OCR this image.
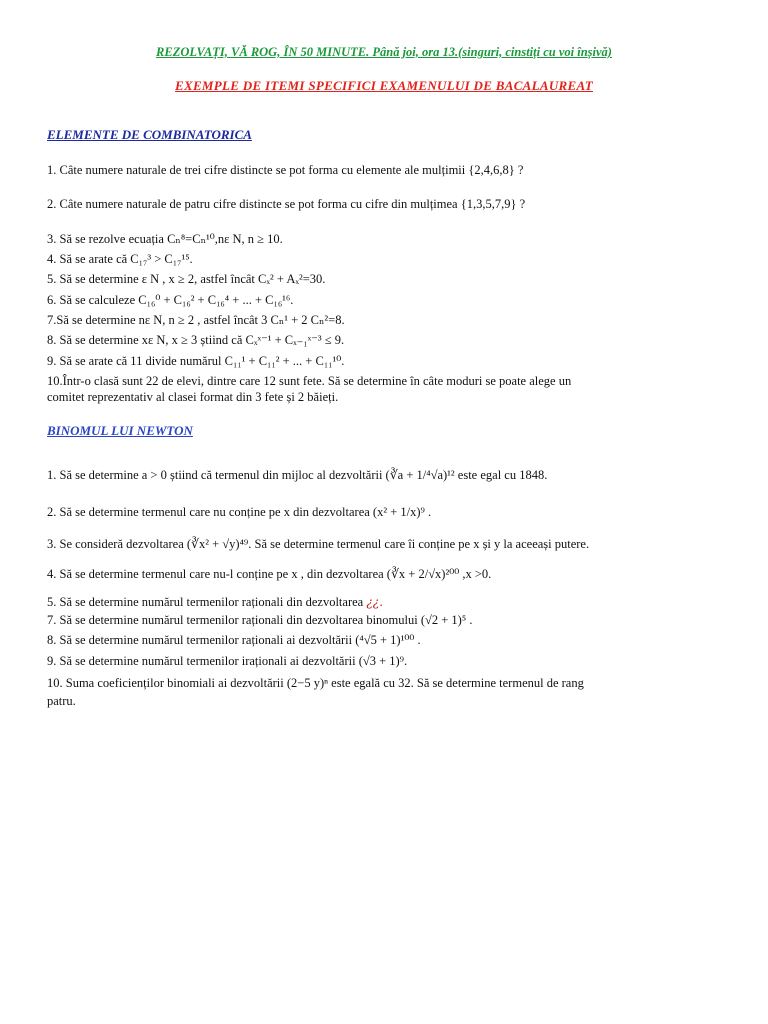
REZOLVAȚI, VĂ ROG, ÎN 50 MINUTE. Până joi, ora 13.(singuri, cinstiți cu voi înșivă)
EXEMPLE DE ITEMI SPECIFICI EXAMENULUI DE BACALAUREAT
ELEMENTE DE COMBINATORICA
1. Câte numere naturale de trei cifre distincte se pot forma cu elemente ale mulțimii {2,4,6,8} ?
2. Câte numere naturale de patru cifre distincte se pot forma cu cifre din mulțimea {1,3,5,7,9} ?
3. Să se rezolve ecuația Cₙ⁸=Cₙ¹⁰,nε N, n ≥ 10.
4. Să se arate că C₁₇³ > C₁₇¹⁵.
5. Să se determine ε N , x ≥ 2, astfel încât Cₓ² + Aₓ²=30.
6. Să se calculeze C₁₆⁰ + C₁₆² + C₁₆⁴ + ... + C₁₆¹⁶.
7.Să se determine nε N, n ≥ 2 , astfel încât 3 Cₙ¹ + 2 Cₙ²=8.
8. Să se determine xε N, x ≥ 3 știind că Cₓˣ⁻¹ + Cₓ₋₁ˣ⁻³ ≤ 9.
9. Să se arate că 11 divide numărul C₁₁¹ + C₁₁² + ... + C₁₁¹⁰.
10.Într-o clasă sunt 22 de elevi, dintre care 12 sunt fete. Să se determine în câte moduri se poate alege un
comitet reprezentativ al clasei format din 3 fete și 2 băieți.
BINOMUL LUI NEWTON
1. Să se determine a > 0 știind că termenul din mijloc al dezvoltării (∛a + 1/⁴√a)¹² este egal cu 1848.
2. Să se determine termenul care nu conține pe x din dezvoltarea (x² + 1/x)⁹ .
3. Se consideră dezvoltarea (∛x² + √y)⁴⁹. Să se determine termenul care îi conține pe x și y la aceeași putere.
4. Să se determine termenul care nu-l conține pe x , din dezvoltarea (∛x + 2/√x)²⁰⁰ ,x >0.
5. Să se determine numărul termenilor raționali din dezvoltarea ¿¿.
7. Să se determine numărul termenilor raționali din dezvoltarea binomului (√2 + 1)⁵ .
8. Să se determine numărul termenilor raționali ai dezvoltării (⁴√5 + 1)¹⁰⁰ .
9. Să se determine numărul termenilor iraționali ai dezvoltării (√3 + 1)⁹.
10. Suma coeficienților binomiali ai dezvoltării (2−5 y)ⁿ este egală cu 32. Să se determine termenul de rang
patru.
